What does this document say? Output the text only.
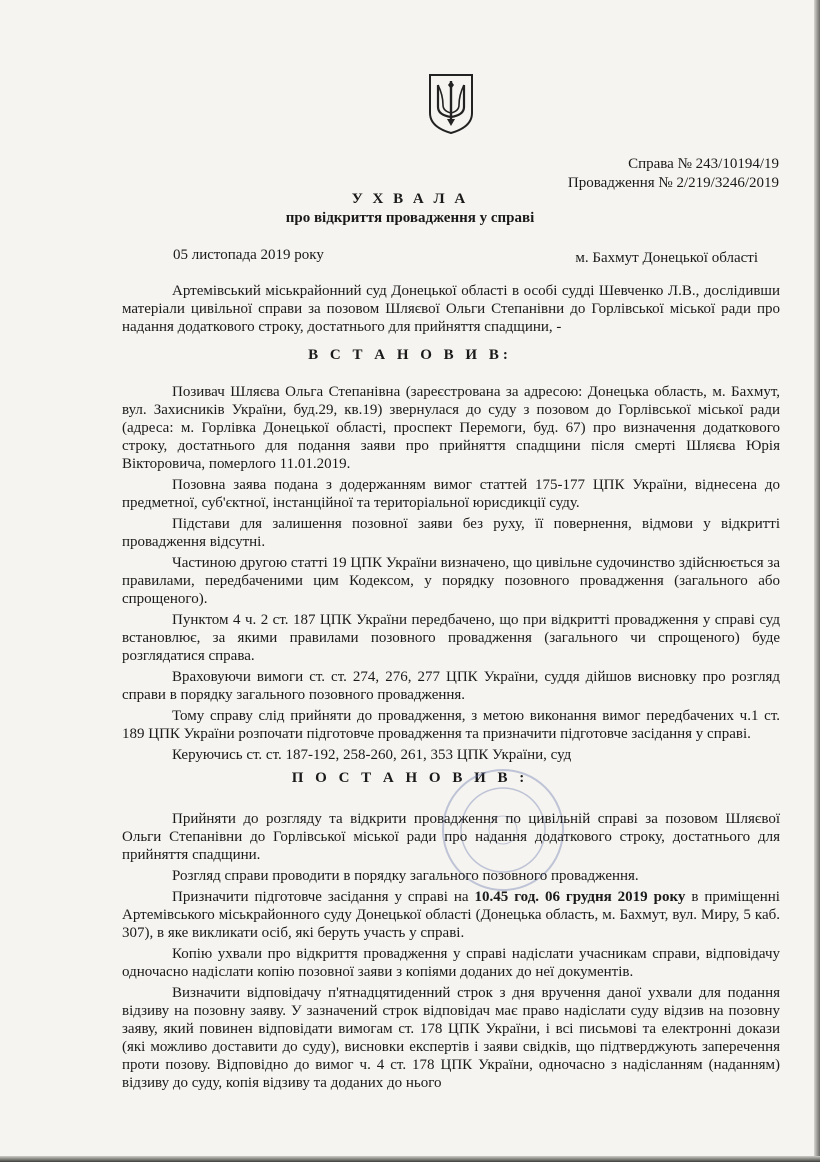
Справа № 243/10194/19
Провадження № 2/219/3246/2019
У Х В А Л А
про відкриття провадження у справі
05 листопада 2019 року	м. Бахмут Донецької області

Артемівський міськрайонний суд Донецької області в особі судді Шевченко Л.В., дослідивши матеріали цивільної справи за позовом Шляєвої Ольги Степанівни до Горлівської міської ради про надання додаткового строку, достатнього для прийняття спадщини, -

В С Т А Н О В И В:

Позивач Шляєва Ольга Степанівна (зареєстрована за адресою: Донецька область, м. Бахмут, вул. Захисників України, буд.29, кв.19) звернулася до суду з позовом до Горлівської міської ради (адреса: м. Горлівка Донецької області, проспект Перемоги, буд. 67) про визначення додаткового строку, достатнього для подання заяви про прийняття спадщини після смерті Шляєва Юрія Вікторовича, померлого 11.01.2019.

Позовна заява подана з додержанням вимог статтей 175-177 ЦПК України, віднесена до предметної, суб'єктної, інстанційної та територіальної юрисдикції суду.

Підстави для залишення позовної заяви без руху, її повернення, відмови у відкритті провадження відсутні.

Частиною другою статті 19 ЦПК України визначено, що цивільне судочинство здійснюється за правилами, передбаченими цим Кодексом, у порядку позовного провадження (загального або спрощеного).

Пунктом 4 ч. 2 ст. 187 ЦПК України передбачено, що при відкритті провадження у справі суд встановлює, за якими правилами позовного провадження (загального чи спрощеного) буде розглядатися справа.

Враховуючи вимоги ст. ст. 274, 276, 277 ЦПК України, суддя дійшов висновку про розгляд справи в порядку загального позовного провадження.

Тому справу слід прийняти до провадження, з метою виконання вимог передбачених ч.1 ст. 189 ЦПК України розпочати підготовче провадження та призначити підготовче засідання у справі.

Керуючись ст. ст. 187-192, 258-260, 261, 353 ЦПК України, суд

П О С Т А Н О В И В :

Прийняти до розгляду та відкрити провадження по цивільній справі за позовом Шляєвої Ольги Степанівни до Горлівської міської ради про надання додаткового строку, достатнього для прийняття спадщини.

Розгляд справи проводити в порядку загального позовного провадження.

Призначити підготовче засідання у справі на 10.45 год. 06 грудня 2019 року в приміщенні Артемівського міськрайонного суду Донецької області (Донецька область, м. Бахмут, вул. Миру, 5 каб. 307), в яке викликати осіб, які беруть участь у справі.

Копію ухвали про відкриття провадження у справі надіслати учасникам справи, відповідачу одночасно надіслати копію позовної заяви з копіями доданих до неї документів.

Визначити відповідачу п'ятнадцятиденний строк з дня вручення даної ухвали для подання відзиву на позовну заяву. У зазначений строк відповідач має право надіслати суду відзив на позовну заяву, який повинен відповідати вимогам ст. 178 ЦПК України, і всі письмові та електронні докази (які можливо доставити до суду), висновки експертів і заяви свідків, що підтверджують заперечення проти позову. Відповідно до вимог ч. 4 ст. 178 ЦПК України, одночасно з надісланням (наданням) відзиву до суду, копія відзиву та доданих до нього
